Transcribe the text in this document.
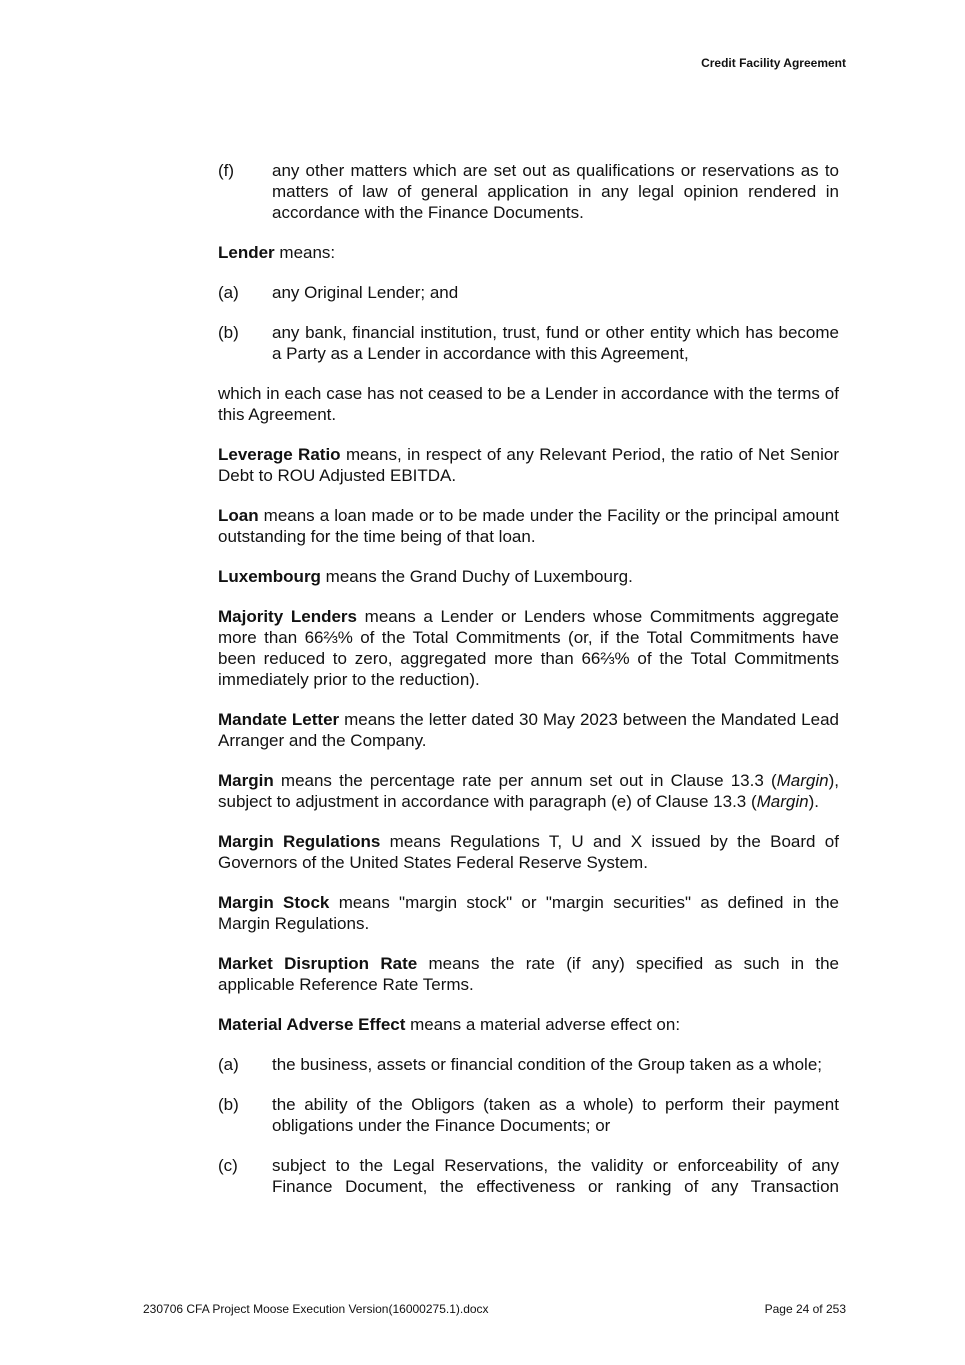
Credit Facility Agreement
(f)	any other matters which are set out as qualifications or reservations as to matters of law of general application in any legal opinion rendered in accordance with the Finance Documents.

Lender means:

(a)	any Original Lender; and
(b)	any bank, financial institution, trust, fund or other entity which has become a Party as a Lender in accordance with this Agreement,

which in each case has not ceased to be a Lender in accordance with the terms of this Agreement.

Leverage Ratio means, in respect of any Relevant Period, the ratio of Net Senior Debt to ROU Adjusted EBITDA.

Loan means a loan made or to be made under the Facility or the principal amount outstanding for the time being of that loan.

Luxembourg means the Grand Duchy of Luxembourg.

Majority Lenders means a Lender or Lenders whose Commitments aggregate more than 66⅔% of the Total Commitments (or, if the Total Commitments have been reduced to zero, aggregated more than 66⅔% of the Total Commitments immediately prior to the reduction).

Mandate Letter means the letter dated 30 May 2023 between the Mandated Lead Arranger and the Company.

Margin means the percentage rate per annum set out in Clause 13.3 (Margin), subject to adjustment in accordance with paragraph (e) of Clause 13.3 (Margin).

Margin Regulations means Regulations T, U and X issued by the Board of Governors of the United States Federal Reserve System.

Margin Stock means "margin stock" or "margin securities" as defined in the Margin Regulations.

Market Disruption Rate means the rate (if any) specified as such in the applicable Reference Rate Terms.

Material Adverse Effect means a material adverse effect on:

(a)	the business, assets or financial condition of the Group taken as a whole;
(b)	the ability of the Obligors (taken as a whole) to perform their payment obligations under the Finance Documents; or
(c)	subject to the Legal Reservations, the validity or enforceability of any Finance Document, the effectiveness or ranking of any Transaction
230706 CFA Project Moose Execution Version(16000275.1).docx	Page 24 of 253
